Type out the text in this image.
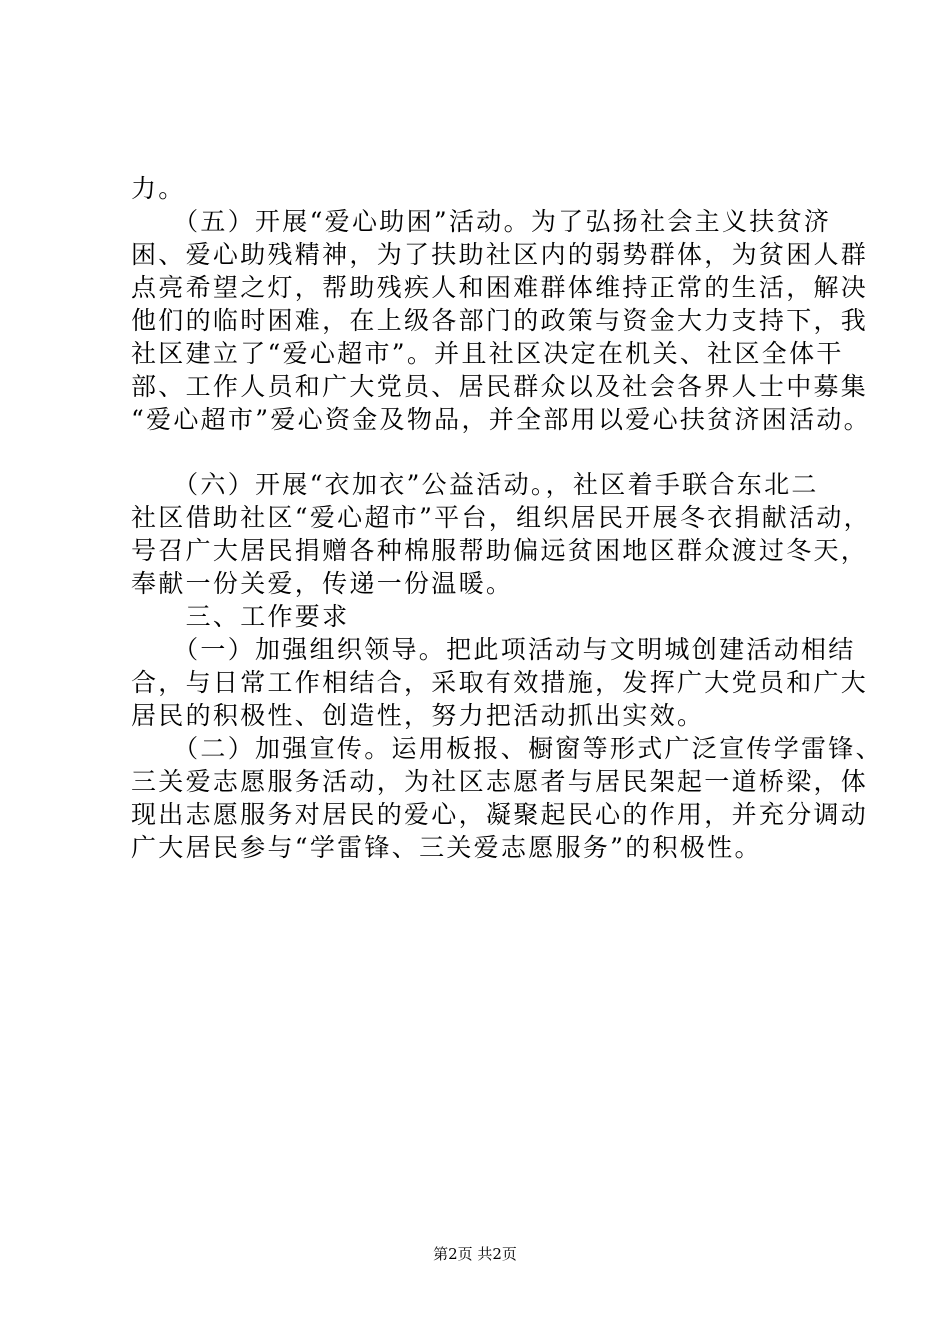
力。
　　（五）开展“爱心助困”活动。为了弘扬社会主义扶贫济
困、爱心助残精神，为了扶助社区内的弱势群体，为贫困人群
点亮希望之灯，帮助残疾人和困难群体维持正常的生活，解决
他们的临时困难，在上级各部门的政策与资金大力支持下，我
社区建立了“爱心超市”。并且社区决定在机关、社区全体干
部、工作人员和广大党员、居民群众以及社会各界人士中募集
“爱心超市”爱心资金及物品，并全部用以爱心扶贫济困活动。
　　（六）开展“衣加衣”公益活动。，社区着手联合东北二
社区借助社区“爱心超市”平台，组织居民开展冬衣捐献活动，
号召广大居民捐赠各种棉服帮助偏远贫困地区群众渡过冬天，
奉献一份关爱，传递一份温暖。
　　三、工作要求
　　（一）加强组织领导。把此项活动与文明城创建活动相结
合，与日常工作相结合，采取有效措施，发挥广大党员和广大
居民的积极性、创造性，努力把活动抓出实效。
　　（二）加强宣传。运用板报、橱窗等形式广泛宣传学雷锋、
三关爱志愿服务活动，为社区志愿者与居民架起一道桥梁，体
现出志愿服务对居民的爱心，凝聚起民心的作用，并充分调动
广大居民参与“学雷锋、三关爱志愿服务”的积极性。
第2页 共2页
